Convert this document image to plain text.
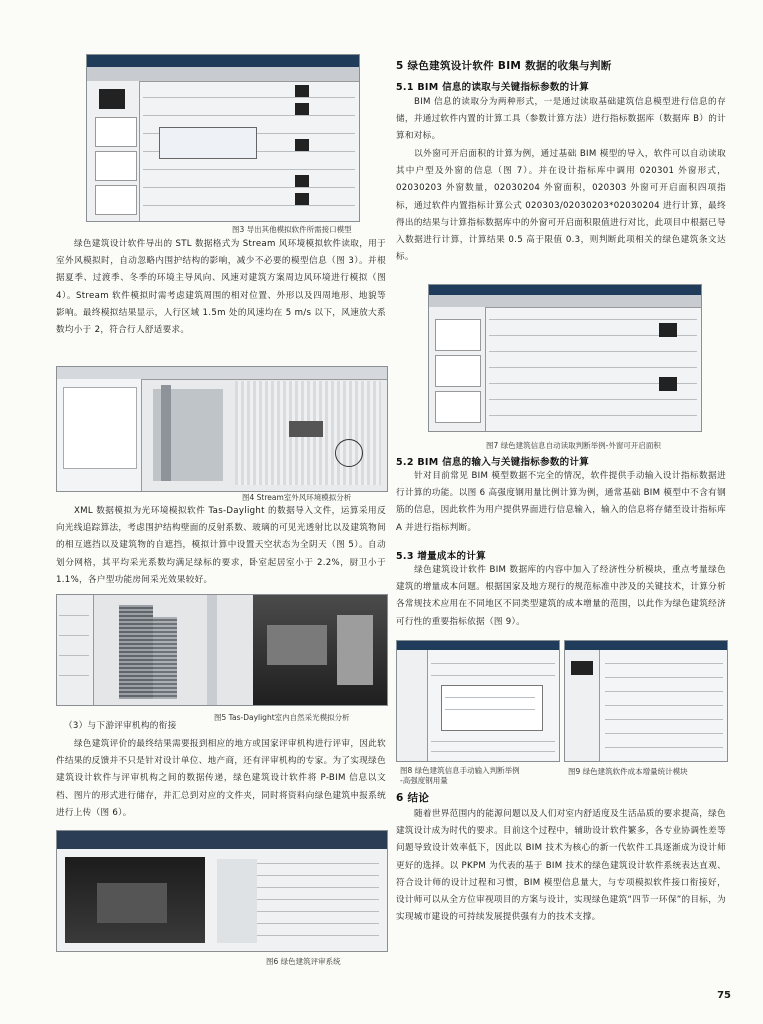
图3 导出其他模拟软件所需接口模型
绿色建筑设计软件导出的 STL 数据格式为 Stream 风环境模拟软件读取，用于室外风模拟时，自动忽略内围护结构的影响，减少不必要的模型信息（图 3）。并根据夏季、过渡季、冬季的环境主导风向、风速对建筑方案周边风环境进行模拟（图 4）。Stream 软件模拟时需考虑建筑周围的相对位置、外形以及四周地形、地貌等影响。最终模拟结果显示，人行区域 1.5m 处的风速均在 5 m/s 以下，风速放大系数均小于 2，符合行人舒适要求。
图4 Stream室外风环境模拟分析
XML 数据模拟为光环境模拟软件 Tas-Daylight 的数据导入文件，运算采用反向光线追踪算法，考虑围护结构壁面的反射系数、玻璃的可见光透射比以及建筑物间的相互遮挡以及建筑物的自遮挡，模拟计算中设置天空状态为全阴天（图 5）。自动划分网格，其平均采光系数均满足绿标的要求，卧室起居室小于 2.2%，厨卫小于 1.1%，各户型功能房间采光效果较好。
图5 Tas-Daylight室内自然采光模拟分析
（3）与下游评审机构的衔接
绿色建筑评价的最终结果需要报到相应的地方或国家评审机构进行评审，因此软件结果的反馈并不只是针对设计单位、地产商，还有评审机构的专家。为了实现绿色建筑设计软件与评审机构之间的数据传递，绿色建筑设计软件将 P-BIM 信息以文档、图片的形式进行储存，并汇总到对应的文件夹，同时将资料向绿色建筑申报系统进行上传（图 6）。
图6 绿色建筑评审系统
5 绿色建筑设计软件 BIM 数据的收集与判断
5.1 BIM 信息的读取与关键指标参数的计算
BIM 信息的读取分为两种形式，一是通过读取基础建筑信息模型进行信息的存储，并通过软件内置的计算工具（参数计算方法）进行指标数据库（数据库 B）的计算和对标。
以外窗可开启面积的计算为例，通过基础 BIM 模型的导入，软件可以自动读取其中户型及外窗的信息（图 7）。并在设计指标库中调用 020301 外窗形式，02030203 外窗数量，02030204 外窗面积，020303 外窗可开启面积四项指标，通过软件内置指标计算公式 020303/02030203*02030204 进行计算，最终得出的结果与计算指标数据库中的外窗可开启面积限值进行对比，此项目中根据已导入数据进行计算，计算结果 0.5 高于限值 0.3，则判断此项相关的绿色建筑条文达标。
图7 绿色建筑信息自动读取判断举例-外窗可开启面积
5.2 BIM 信息的输入与关键指标参数的计算
针对目前常见 BIM 模型数据不完全的情况，软件提供手动输入设计指标数据进行计算的功能。以图 6 高强度钢用量比例计算为例，通常基础 BIM 模型中不含有钢筋的信息，因此软件为用户提供界面进行信息输入，输入的信息将存储至设计指标库 A 并进行指标判断。
5.3 增量成本的计算
绿色建筑设计软件 BIM 数据库的内容中加入了经济性分析模块，重点考量绿色建筑的增量成本问题。根据国家及地方现行的规范标准中涉及的关键技术，计算分析各常规技术应用在不同地区不同类型建筑的成本增量的范围，以此作为绿色建筑经济可行性的重要指标依据（图 9）。
图8 绿色建筑信息手动输入判断举例
-高强度钢用量
图9 绿色建筑软件成本增量统计模块
6 结论
随着世界范围内的能源问题以及人们对室内舒适度及生活品质的要求提高，绿色建筑设计成为时代的要求。目前这个过程中，辅助设计软件繁多，各专业协调性差等问题导致设计效率低下，因此以 BIM 技术为核心的新一代软件工具逐渐成为设计师更好的选择。以 PKPM 为代表的基于 BIM 技术的绿色建筑设计软件系统表达直观、符合设计师的设计过程和习惯，BIM 模型信息量大，与专项模拟软件接口衔接好，设计师可以从全方位审视项目的方案与设计，实现绿色建筑“四节一环保”的目标，为实现城市建设的可持续发展提供强有力的技术支撑。
75
